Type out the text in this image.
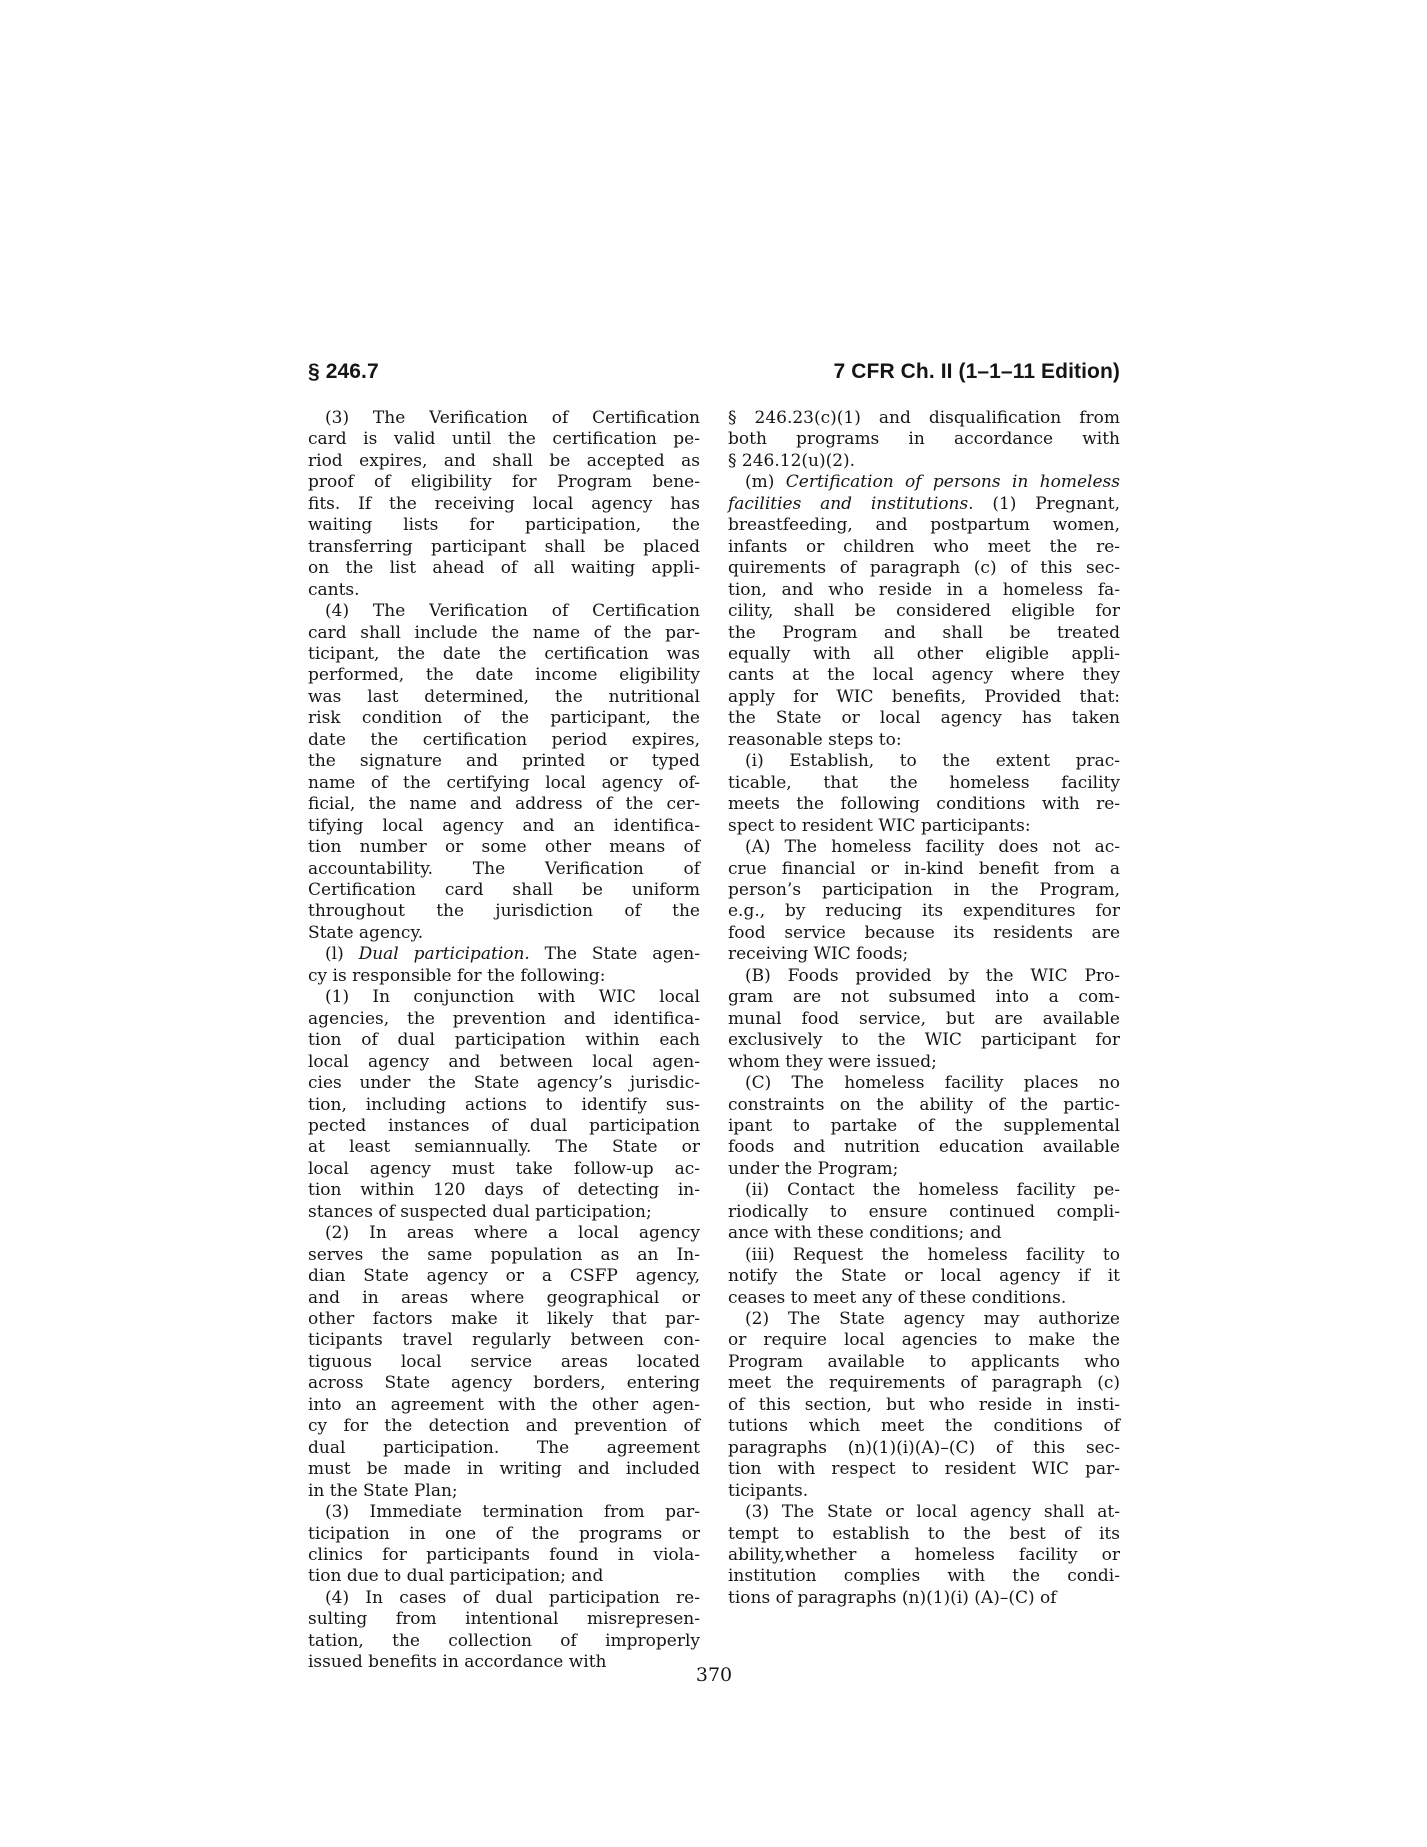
§ 246.7	7 CFR Ch. II (1–1–11 Edition)
(3) The Verification of Certification
card is valid until the certification pe-
riod expires, and shall be accepted as
proof of eligibility for Program bene-
fits. If the receiving local agency has
waiting lists for participation, the
transferring participant shall be placed
on the list ahead of all waiting appli-
cants.
(4) The Verification of Certification
card shall include the name of the par-
ticipant, the date the certification was
performed, the date income eligibility
was last determined, the nutritional
risk condition of the participant, the
date the certification period expires,
the signature and printed or typed
name of the certifying local agency of-
ficial, the name and address of the cer-
tifying local agency and an identifica-
tion number or some other means of
accountability. The Verification of
Certification card shall be uniform
throughout the jurisdiction of the
State agency.
(l) Dual participation. The State agen-
cy is responsible for the following:
(1) In conjunction with WIC local
agencies, the prevention and identifica-
tion of dual participation within each
local agency and between local agen-
cies under the State agency’s jurisdic-
tion, including actions to identify sus-
pected instances of dual participation
at least semiannually. The State or
local agency must take follow-up ac-
tion within 120 days of detecting in-
stances of suspected dual participation;
(2) In areas where a local agency
serves the same population as an In-
dian State agency or a CSFP agency,
and in areas where geographical or
other factors make it likely that par-
ticipants travel regularly between con-
tiguous local service areas located
across State agency borders, entering
into an agreement with the other agen-
cy for the detection and prevention of
dual participation. The agreement
must be made in writing and included
in the State Plan;
(3) Immediate termination from par-
ticipation in one of the programs or
clinics for participants found in viola-
tion due to dual participation; and
(4) In cases of dual participation re-
sulting from intentional misrepresen-
tation, the collection of improperly
issued benefits in accordance with
§ 246.23(c)(1) and disqualification from
both programs in accordance with
§ 246.12(u)(2).
(m) Certification of persons in homeless
facilities and institutions. (1) Pregnant,
breastfeeding, and postpartum women,
infants or children who meet the re-
quirements of paragraph (c) of this sec-
tion, and who reside in a homeless fa-
cility, shall be considered eligible for
the Program and shall be treated
equally with all other eligible appli-
cants at the local agency where they
apply for WIC benefits, Provided that:
the State or local agency has taken
reasonable steps to:
(i) Establish, to the extent prac-
ticable, that the homeless facility
meets the following conditions with re-
spect to resident WIC participants:
(A) The homeless facility does not ac-
crue financial or in-kind benefit from a
person’s participation in the Program,
e.g., by reducing its expenditures for
food service because its residents are
receiving WIC foods;
(B) Foods provided by the WIC Pro-
gram are not subsumed into a com-
munal food service, but are available
exclusively to the WIC participant for
whom they were issued;
(C) The homeless facility places no
constraints on the ability of the partic-
ipant to partake of the supplemental
foods and nutrition education available
under the Program;
(ii) Contact the homeless facility pe-
riodically to ensure continued compli-
ance with these conditions; and
(iii) Request the homeless facility to
notify the State or local agency if it
ceases to meet any of these conditions.
(2) The State agency may authorize
or require local agencies to make the
Program available to applicants who
meet the requirements of paragraph (c)
of this section, but who reside in insti-
tutions which meet the conditions of
paragraphs (n)(1)(i)(A)–(C) of this sec-
tion with respect to resident WIC par-
ticipants.
(3) The State or local agency shall at-
tempt to establish to the best of its
ability,whether a homeless facility or
institution complies with the condi-
tions of paragraphs (n)(1)(i) (A)–(C) of
370
